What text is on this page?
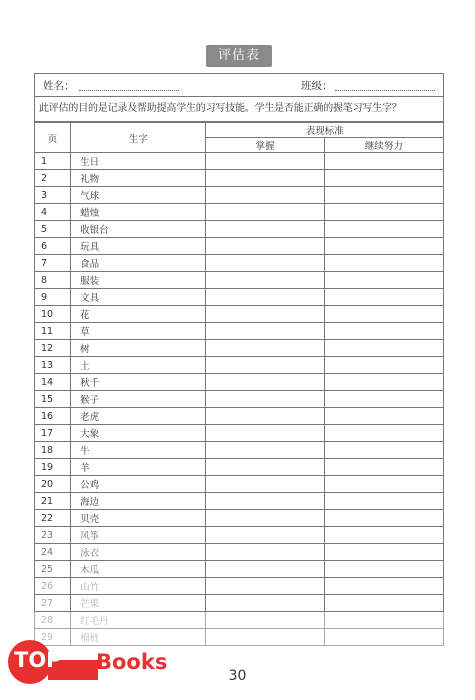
评估表
姓名：	班级：
此评估的目的是记录及帮助提高学生的习写技能。学生是否能正确的握笔习写生字？
页	生字	表现标准	
		掌握	继续努力
1	生日		
2	礼物		
3	气球		
4	蜡烛		
5	收银台		
6	玩具		
7	食品		
8	服装		
9	文具		
10	花		
11	草		
12	树		
13	土		
14	秋千		
15	猴子		
16	老虎		
17	大象		
18	牛		
19	羊		
20	公鸡		
21	海边		
22	贝壳		
23	风筝		
24	泳衣		
25	木瓜		
26	山竹		
27	芒果		
28	红毛丹		
29	榴梿		
30
TOP Books
